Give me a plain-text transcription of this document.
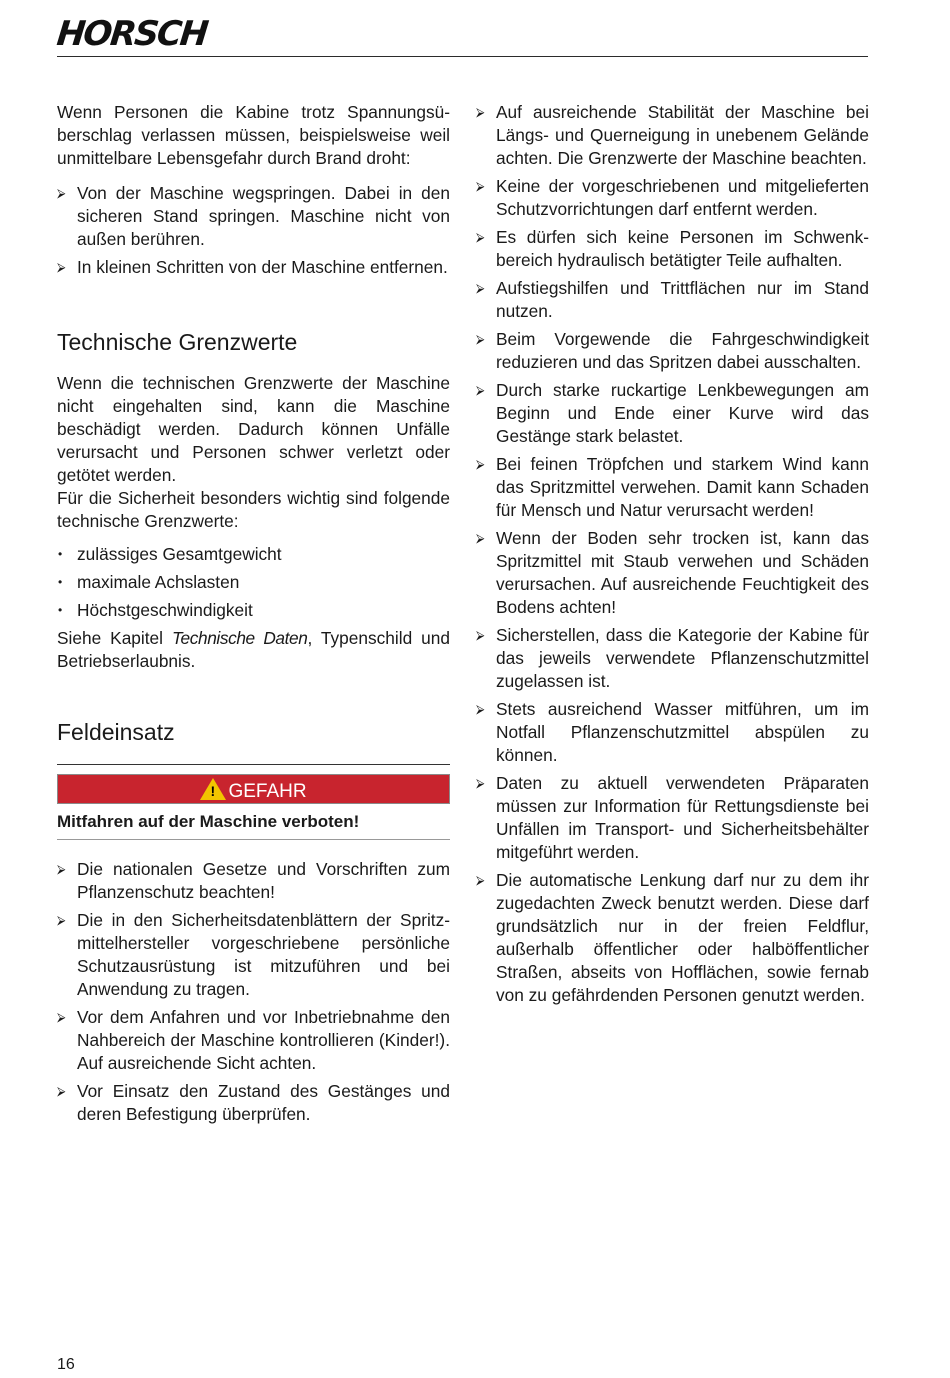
HORSCH

Wenn Personen die Kabine trotz Spannungsüberschlag verlassen müssen, beispielsweise weil unmittelbare Lebensgefahr durch Brand droht:

⮚ Von der Maschine wegspringen. Dabei in den sicheren Stand springen. Maschine nicht von außen berühren.
⮚ In kleinen Schritten von der Maschine entfernen.
Technische Grenzwerte

Wenn die technischen Grenzwerte der Maschine nicht eingehalten sind, kann die Maschine beschädigt werden. Dadurch können Unfälle verursacht und Personen schwer verletzt oder getötet werden.

Für die Sicherheit besonders wichtig sind folgende technische Grenzwerte:

• zulässiges Gesamtgewicht
• maximale Achslasten
• Höchstgeschwindigkeit

Siehe Kapitel Technische Daten, Typenschild und Betriebserlaubnis.

Feldeinsatz
!GEFAHR
Mitfahren auf der Maschine verboten!
⮚ Die nationalen Gesetze und Vorschriften zum Pflanzenschutz beachten!
⮚ Die in den Sicherheitsdatenblättern der Spritzmittelhersteller vorgeschriebene persönliche Schutzausrüstung ist mitzuführen und bei Anwendung zu tragen.
⮚ Vor dem Anfahren und vor Inbetriebnahme den Nahbereich der Maschine kontrollieren (Kinder!). Auf ausreichende Sicht achten.
⮚ Vor Einsatz den Zustand des Gestänges und deren Befestigung überprüfen.
⮚ Auf ausreichende Stabilität der Maschine bei Längs- und Querneigung in unebenem Gelände achten. Die Grenzwerte der Maschine beachten.
⮚ Keine der vorgeschriebenen und mitgelieferten Schutzvorrichtungen darf entfernt werden.
⮚ Es dürfen sich keine Personen im Schwenkbereich hydraulisch betätigter Teile aufhalten.
⮚ Aufstiegshilfen und Trittflächen nur im Stand nutzen.
⮚ Beim Vorgewende die Fahrgeschwindigkeit reduzieren und das Spritzen dabei ausschalten.
⮚ Durch starke ruckartige Lenkbewegungen am Beginn und Ende einer Kurve wird das Gestänge stark belastet.
⮚ Bei feinen Tröpfchen und starkem Wind kann das Spritzmittel verwehen. Damit kann Schaden für Mensch und Natur verursacht werden!
⮚ Wenn der Boden sehr trocken ist, kann das Spritzmittel mit Staub verwehen und Schäden verursachen. Auf ausreichende Feuchtigkeit des Bodens achten!
⮚ Sicherstellen, dass die Kategorie der Kabine für das jeweils verwendete Pflanzenschutzmittel zugelassen ist.
⮚ Stets ausreichend Wasser mitführen, um im Notfall Pflanzenschutzmittel abspülen zu können.
⮚ Daten zu aktuell verwendeten Präparaten müssen zur Information für Rettungsdienste bei Unfällen im Transport- und Sicherheitsbehälter mitgeführt werden.
⮚ Die automatische Lenkung darf nur zu dem ihr zugedachten Zweck benutzt werden. Diese darf grundsätzlich nur in der freien Feldflur, außerhalb öffentlicher oder halböffentlicher Straßen, abseits von Hofflächen, sowie fernab von zu gefährdenden Personen genutzt werden.
16
